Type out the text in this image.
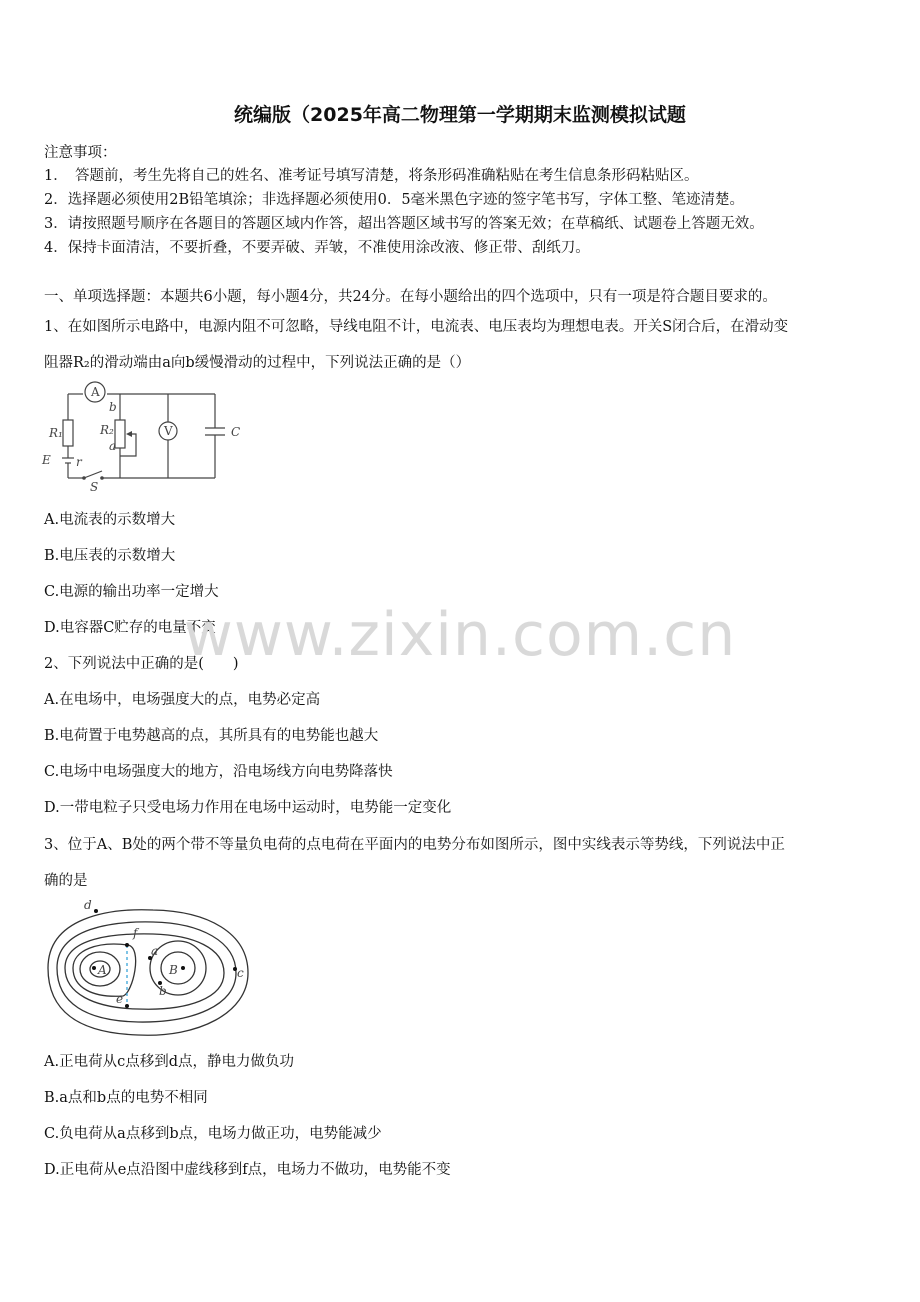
统编版（2025年高二物理第一学期期末监测模拟试题
注意事项：
1．　答题前，考生先将自己的姓名、准考证号填写清楚，将条形码准确粘贴在考生信息条形码粘贴区。
2．选择题必须使用2B铅笔填涂；非选择题必须使用0．5毫米黑色字迹的签字笔书写，字体工整、笔迹清楚。
3．请按照题号顺序在各题目的答题区域内作答，超出答题区域书写的答案无效；在草稿纸、试题卷上答题无效。
4．保持卡面清洁，不要折叠，不要弄破、弄皱，不准使用涂改液、修正带、刮纸刀。
一、单项选择题：本题共6小题，每小题4分，共24分。在每小题给出的四个选项中，只有一项是符合题目要求的。
1、在如图所示电路中，电源内阻不可忽略，导线电阻不计，电流表、电压表均为理想电表。开关S闭合后，在滑动变
阻器R₂的滑动端由a向b缓慢滑动的过程中，下列说法正确的是（）
A
V
R₁	R₂
b
a
C
E r
S
A.电流表的示数增大
B.电压表的示数增大
C.电源的输出功率一定增大
D.电容器C贮存的电量不变
www.zixin.com.cn
2、下列说法中正确的是(　　)
A.在电场中，电场强度大的点，电势必定高
B.电荷置于电势越高的点，其所具有的电势能也越大
C.电场中电场强度大的地方，沿电场线方向电势降落快
D.一带电粒子只受电场力作用在电场中运动时，电势能一定变化
3、位于A、B处的两个带不等量负电荷的点电荷在平面内的电势分布如图所示，图中实线表示等势线，下列说法中正
确的是
A	B
d
f
a
b
c
e
A.正电荷从c点移到d点，静电力做负功
B.a点和b点的电势不相同
C.负电荷从a点移到b点，电场力做正功，电势能减少
D.正电荷从e点沿图中虚线移到f点，电场力不做功，电势能不变
